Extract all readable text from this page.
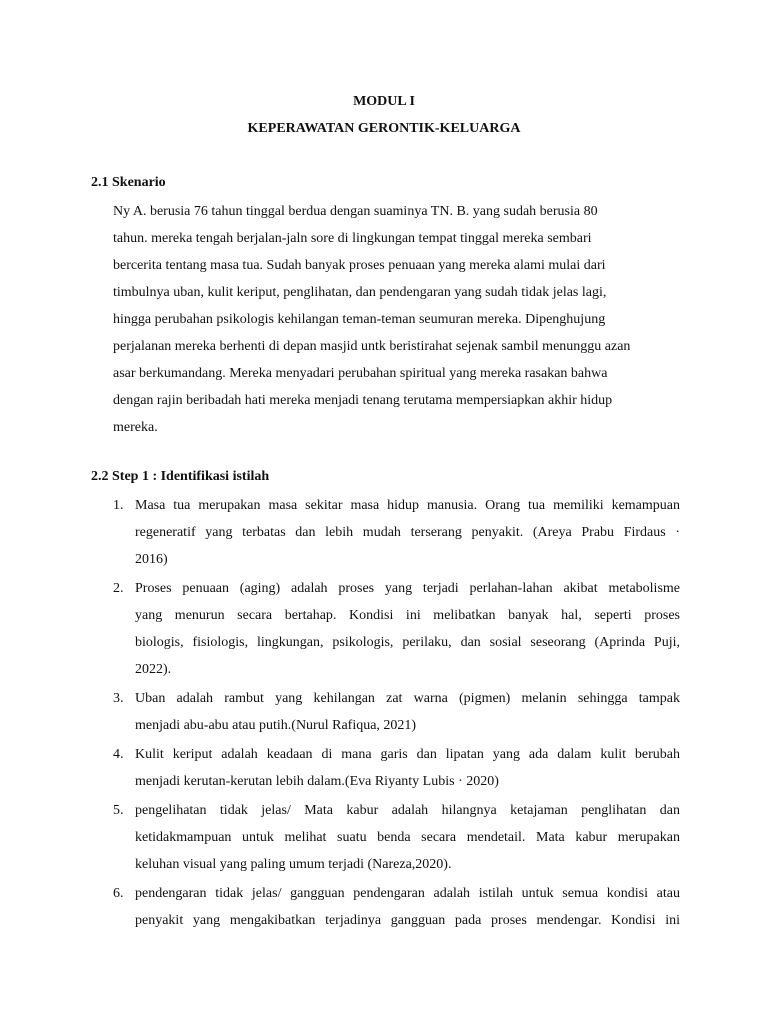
MODUL I
KEPERAWATAN GERONTIK-KELUARGA
2.1 Skenario
Ny A. berusia 76 tahun tinggal berdua dengan suaminya TN. B. yang sudah berusia 80
tahun. mereka tengah berjalan-jaln sore di lingkungan tempat tinggal mereka sembari
bercerita tentang masa tua. Sudah banyak proses penuaan yang mereka alami mulai dari
timbulnya uban, kulit keriput, penglihatan, dan pendengaran yang sudah tidak jelas lagi,
hingga perubahan psikologis kehilangan teman-teman seumuran mereka. Dipenghujung
perjalanan mereka berhenti di depan masjid untk beristirahat sejenak sambil menunggu azan
asar berkumandang. Mereka menyadari perubahan spiritual yang mereka rasakan bahwa
dengan rajin beribadah hati mereka menjadi tenang terutama mempersiapkan akhir hidup
mereka.
2.2 Step 1 : Identifikasi istilah
1. Masa tua merupakan masa sekitar masa hidup manusia. Orang tua memiliki kemampuan
regeneratif yang terbatas dan lebih mudah terserang penyakit. (Areya Prabu Firdaus ·
2016)
2. Proses penuaan (aging) adalah proses yang terjadi perlahan-lahan akibat metabolisme
yang menurun secara bertahap. Kondisi ini melibatkan banyak hal, seperti proses
biologis, fisiologis, lingkungan, psikologis, perilaku, dan sosial seseorang (Aprinda Puji,
2022).
3. Uban adalah rambut yang kehilangan zat warna (pigmen) melanin sehingga tampak
menjadi abu-abu atau putih.(Nurul Rafiqua, 2021)
4. Kulit keriput adalah keadaan di mana garis dan lipatan yang ada dalam kulit berubah
menjadi kerutan-kerutan lebih dalam.(Eva Riyanty Lubis · 2020)
5. pengelihatan tidak jelas/ Mata kabur adalah hilangnya ketajaman penglihatan dan
ketidakmampuan untuk melihat suatu benda secara mendetail. Mata kabur merupakan
keluhan visual yang paling umum terjadi (Nareza,2020).
6. pendengaran tidak jelas/ gangguan pendengaran adalah istilah untuk semua kondisi atau
penyakit yang mengakibatkan terjadinya gangguan pada proses mendengar. Kondisi ini
